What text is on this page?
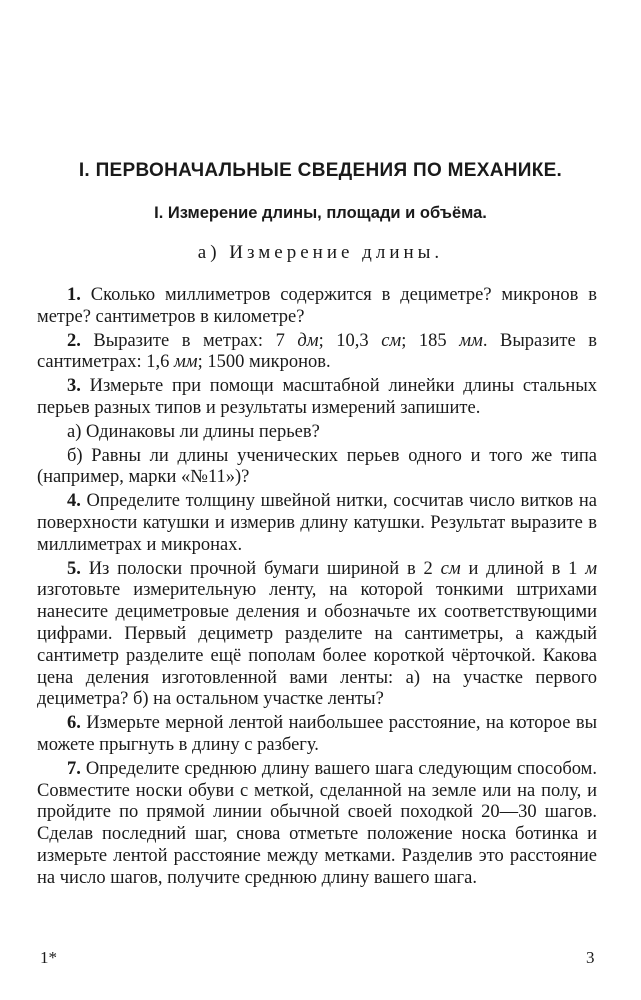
I. ПЕРВОНАЧАЛЬНЫЕ СВЕДЕНИЯ ПО МЕХАНИКЕ.
I. Измерение длины, площади и объёма.
а) Измерение длины.

1. Сколько миллиметров содержится в дециметре? микронов в метре? сантиметров в километре?

2. Выразите в метрах: 7 дм; 10,3 см; 185 мм. Выразите в сантиметрах: 1,6 мм; 1500 микронов.

3. Измерьте при помощи масштабной линейки длины стальных перьев разных типов и результаты измерений запишите.

а) Одинаковы ли длины перьев?

б) Равны ли длины ученических перьев одного и того же типа (например, марки «№11»)?

4. Определите толщину швейной нитки, сосчитав число витков на поверхности катушки и измерив длину катушки. Результат выразите в миллиметрах и микронах.

5. Из полоски прочной бумаги шириной в 2 см и длиной в 1 м изготовьте измерительную ленту, на которой тонкими штрихами нанесите дециметровые деления и обозначьте их соответствующими цифрами. Первый дециметр разделите на сантиметры, а каждый сантиметр разделите ещё пополам более короткой чёрточкой. Какова цена деления изготовленной вами ленты: а) на участке первого дециметра? б) на остальном участке ленты?

6. Измерьте мерной лентой наибольшее расстояние, на которое вы можете прыгнуть в длину с разбегу.

7. Определите среднюю длину вашего шага следующим способом. Совместите носки обуви с меткой, сделанной на земле или на полу, и пройдите по прямой линии обычной своей походкой 20—30 шагов. Сделав последний шаг, снова отметьте положение носка ботинка и измерьте лентой расстояние между метками. Разделив это расстояние на число шагов, получите среднюю длину вашего шага.

1*	3
